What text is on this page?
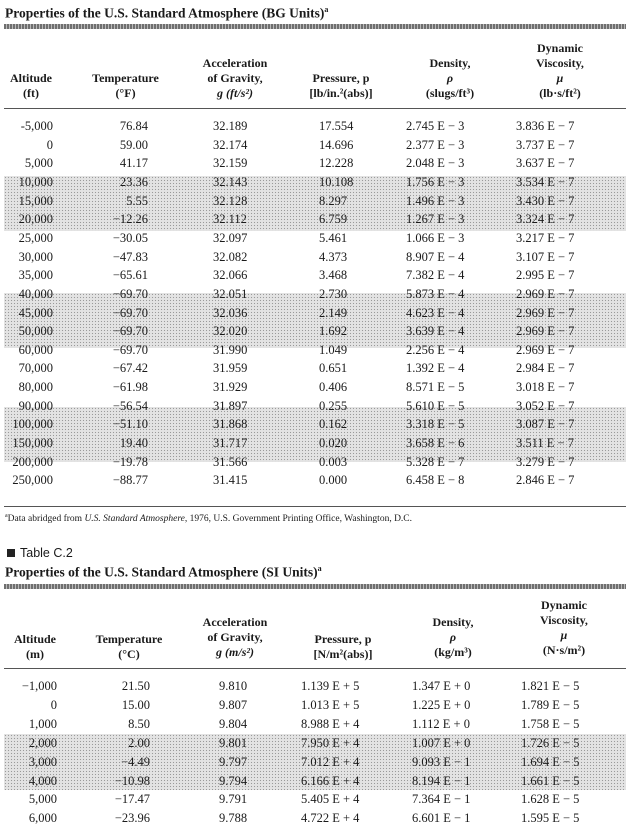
Properties of the U.S. Standard Atmosphere (BG Units)$^a$
Altitude
(ft)
Temperature
(°F)
Acceleration
of Gravity,
g (ft/s²)
Pressure, p
[lb/in.²(abs)]
Density,
ρ
(slugs/ft³)
Dynamic
Viscosity,
μ
(lb·s/ft²)
-5,000	76.84	32.189	17.554	2.745 E − 3	3.836 E − 7
0	59.00	32.174	14.696	2.377 E − 3	3.737 E − 7
5,000	41.17	32.159	12.228	2.048 E − 3	3.637 E − 7
10,000	23.36	32.143	10.108	1.756 E − 3	3.534 E − 7
15,000	5.55	32.128	8.297	1.496 E − 3	3.430 E − 7
20,000	−12.26	32.112	6.759	1.267 E − 3	3.324 E − 7
25,000	−30.05	32.097	5.461	1.066 E − 3	3.217 E − 7
30,000	−47.83	32.082	4.373	8.907 E − 4	3.107 E − 7
35,000	−65.61	32.066	3.468	7.382 E − 4	2.995 E − 7
40,000	−69.70	32.051	2.730	5.873 E − 4	2.969 E − 7
45,000	−69.70	32.036	2.149	4.623 E − 4	2.969 E − 7
50,000	−69.70	32.020	1.692	3.639 E − 4	2.969 E − 7
60,000	−69.70	31.990	1.049	2.256 E − 4	2.969 E − 7
70,000	−67.42	31.959	0.651	1.392 E − 4	2.984 E − 7
80,000	−61.98	31.929	0.406	8.571 E − 5	3.018 E − 7
90,000	−56.54	31.897	0.255	5.610 E − 5	3.052 E − 7
100,000	−51.10	31.868	0.162	3.318 E − 5	3.087 E − 7
150,000	19.40	31.717	0.020	3.658 E − 6	3.511 E − 7
200,000	−19.78	31.566	0.003	5.328 E − 7	3.279 E − 7
250,000	−88.77	31.415	0.000	6.458 E − 8	2.846 E − 7
$^a$Data abridged from U.S. Standard Atmosphere, 1976, U.S. Government Printing Office, Washington, D.C.
Table C.2
Properties of the U.S. Standard Atmosphere (SI Units)$^a$
Altitude
(m)
Temperature
(°C)
Acceleration
of Gravity,
g (m/s²)
Pressure, p
[N/m²(abs)]
Density,
ρ
(kg/m³)
Dynamic
Viscosity,
μ
(N·s/m²)
−1,000	21.50	9.810	1.139 E + 5	1.347 E + 0	1.821 E − 5
0	15.00	9.807	1.013 E + 5	1.225 E + 0	1.789 E − 5
1,000	8.50	9.804	8.988 E + 4	1.112 E + 0	1.758 E − 5
2,000	2.00	9.801	7.950 E + 4	1.007 E + 0	1.726 E − 5
3,000	−4.49	9.797	7.012 E + 4	9.093 E − 1	1.694 E − 5
4,000	−10.98	9.794	6.166 E + 4	8.194 E − 1	1.661 E − 5
5,000	−17.47	9.791	5.405 E + 4	7.364 E − 1	1.628 E − 5
6,000	−23.96	9.788	4.722 E + 4	6.601 E − 1	1.595 E − 5
